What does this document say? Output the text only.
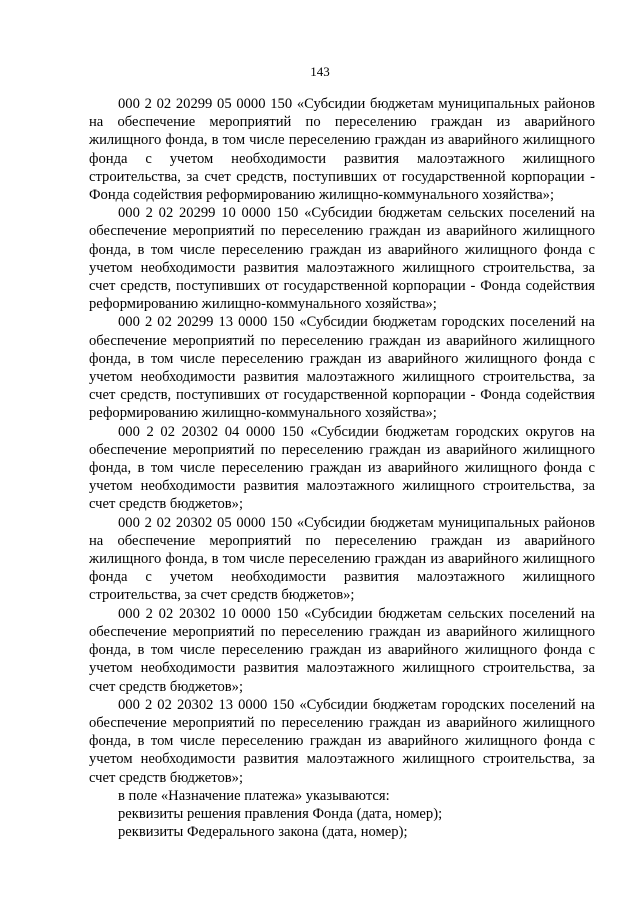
143

000 2 02 20299 05 0000 150 «Субсидии бюджетам муниципальных районов на обеспечение мероприятий по переселению граждан из аварийного жилищного фонда, в том числе переселению граждан из аварийного жилищного фонда с учетом необходимости развития малоэтажного жилищного строительства, за счет средств, поступивших от государственной корпорации - Фонда содействия реформированию жилищно-коммунального хозяйства»;

000 2 02 20299 10 0000 150 «Субсидии бюджетам сельских поселений на обеспечение мероприятий по переселению граждан из аварийного жилищного фонда, в том числе переселению граждан из аварийного жилищного фонда с учетом необходимости развития малоэтажного жилищного строительства, за счет средств, поступивших от государственной корпорации - Фонда содействия реформированию жилищно-коммунального хозяйства»;

000 2 02 20299 13 0000 150 «Субсидии бюджетам городских поселений на обеспечение мероприятий по переселению граждан из аварийного жилищного фонда, в том числе переселению граждан из аварийного жилищного фонда с учетом необходимости развития малоэтажного жилищного строительства, за счет средств, поступивших от государственной корпорации - Фонда содействия реформированию жилищно-коммунального хозяйства»;

000 2 02 20302 04 0000 150 «Субсидии бюджетам городских округов на обеспечение мероприятий по переселению граждан из аварийного жилищного фонда, в том числе переселению граждан из аварийного жилищного фонда с учетом необходимости развития малоэтажного жилищного строительства, за счет средств бюджетов»;

000 2 02 20302 05 0000 150 «Субсидии бюджетам муниципальных районов на обеспечение мероприятий по переселению граждан из аварийного жилищного фонда, в том числе переселению граждан из аварийного жилищного фонда с учетом необходимости развития малоэтажного жилищного строительства, за счет средств бюджетов»;

000 2 02 20302 10 0000 150 «Субсидии бюджетам сельских поселений на обеспечение мероприятий по переселению граждан из аварийного жилищного фонда, в том числе переселению граждан из аварийного жилищного фонда с учетом необходимости развития малоэтажного жилищного строительства, за счет средств бюджетов»;

000 2 02 20302 13 0000 150 «Субсидии бюджетам городских поселений на обеспечение мероприятий по переселению граждан из аварийного жилищного фонда, в том числе переселению граждан из аварийного жилищного фонда с учетом необходимости развития малоэтажного жилищного строительства, за счет средств бюджетов»;

в поле «Назначение платежа» указываются:

реквизиты решения правления Фонда (дата, номер);

реквизиты Федерального закона (дата, номер);
